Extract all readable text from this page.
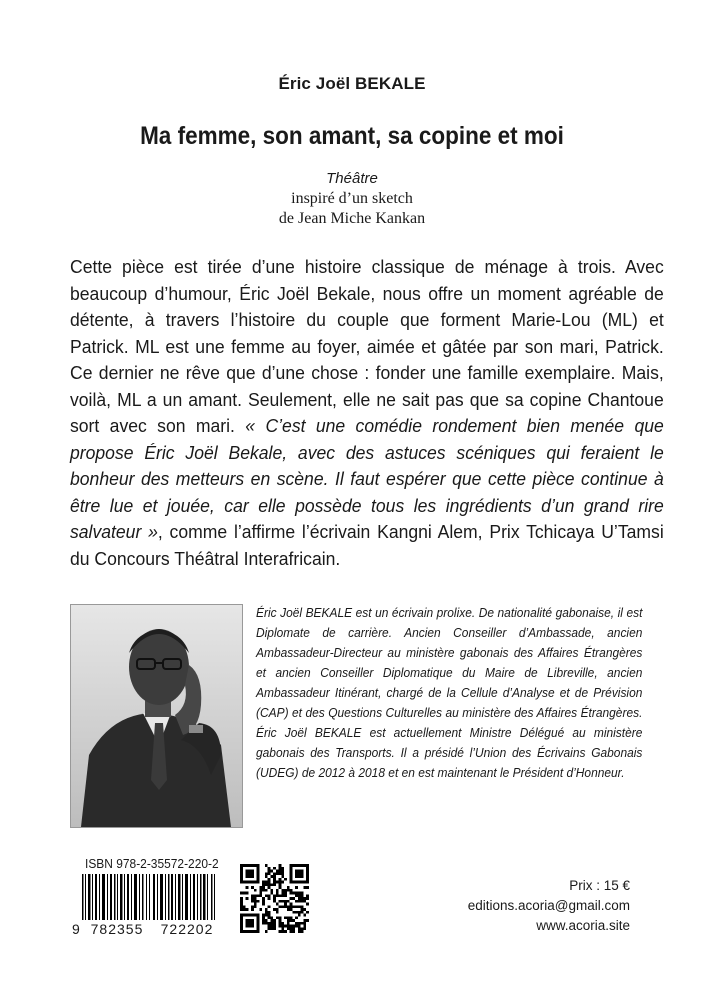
Éric Joël BEKALE
Ma femme, son amant, sa copine et moi
Théâtre
inspiré d’un sketch
de Jean Miche Kankan
Cette pièce est tirée d’une histoire classique de ménage à trois. Avec beaucoup d’humour, Éric Joël Bekale, nous offre un moment agréable de détente, à travers l’histoire du couple que forment Marie-Lou (ML) et Patrick. ML est une femme au foyer, aimée et gâtée par son mari, Patrick. Ce dernier ne rêve que d’une chose : fonder une famille exemplaire. Mais, voilà, ML a un amant. Seulement, elle ne sait pas que sa copine Chantoue sort avec son mari. « C’est une comédie rondement bien menée que propose Éric Joël Bekale, avec des astuces scéniques qui feraient le bonheur des metteurs en scène. Il faut espérer que cette pièce continue à être lue et jouée, car elle possède tous les ingrédients d’un grand rire salvateur », comme l’affirme l’écrivain Kangni Alem, Prix Tchicaya U’Tamsi du Concours Théâtral Interafricain.
Éric Joël BEKALE est un écrivain prolixe. De nationalité gabonaise, il est Diplomate de carrière. Ancien Conseiller d’Ambassade, ancien Ambassadeur-Directeur au ministère gabonais des Affaires Étrangères et ancien Conseiller Diplomatique du Maire de Libreville, ancien Ambassadeur Itinérant, chargé de la Cellule d’Analyse et de Prévision (CAP) et des Questions Culturelles au ministère des Affaires Étrangères. Éric Joël BEKALE est actuellement Ministre Délégué au ministère gabonais des Transports. Il a présidé l’Union des Écrivains Gabonais (UDEG) de 2012 à 2018 et en est maintenant le Président d’Honneur.
ISBN 978-2-35572-220-2
9 782355	722202
Prix : 15 €
editions.acoria@gmail.com
www.acoria.site
